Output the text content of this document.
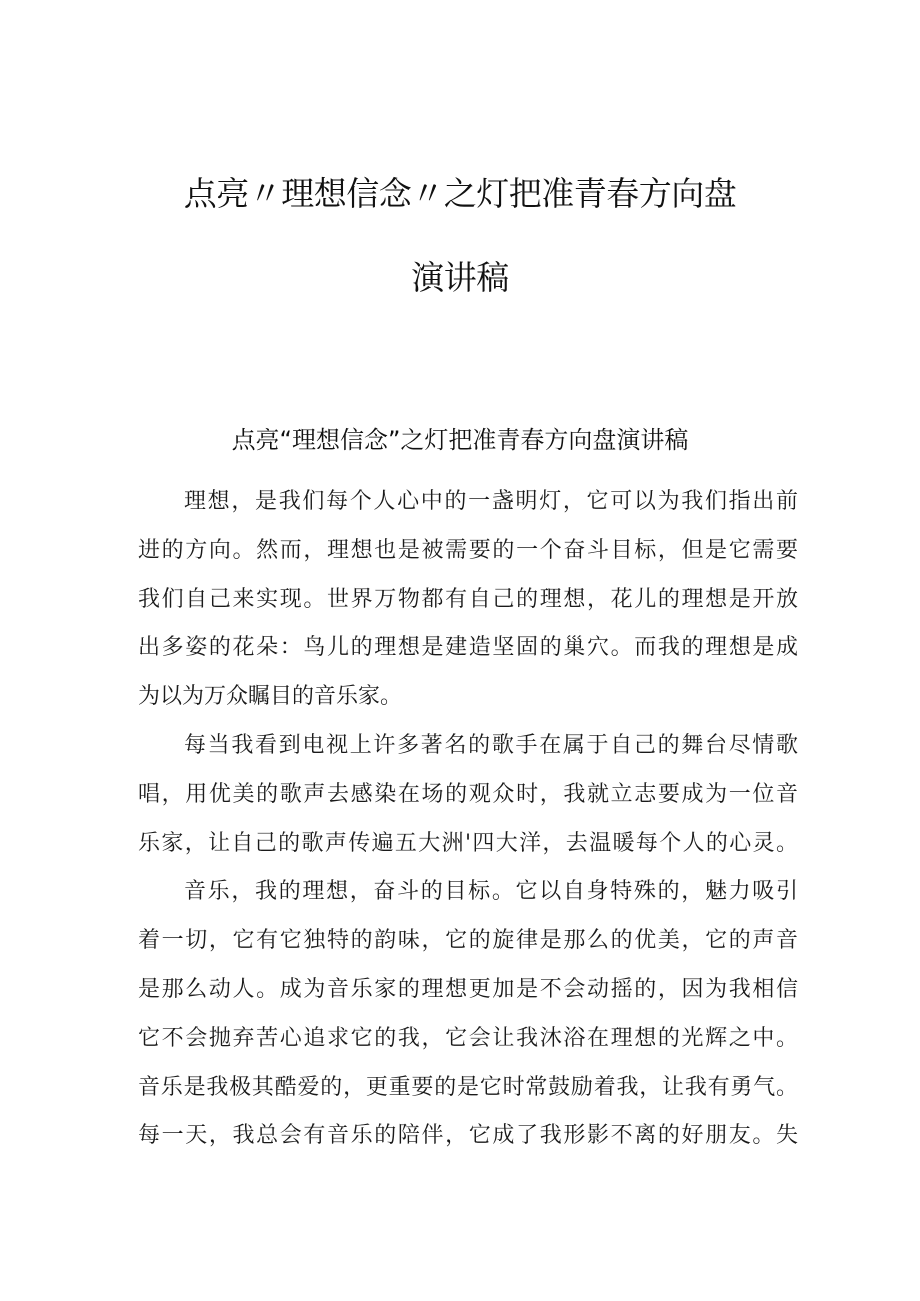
点亮〃理想信念〃之灯把准青春方向盘
演讲稿
点亮“理想信念”之灯把准青春方向盘演讲稿
理想，是我们每个人心中的一盏明灯，它可以为我们指出前
进的方向。然而，理想也是被需要的一个奋斗目标，但是它需要
我们自己来实现。世界万物都有自己的理想，花儿的理想是开放
出多姿的花朵：鸟儿的理想是建造坚固的巢穴。而我的理想是成
为以为万众瞩目的音乐家。
每当我看到电视上许多著名的歌手在属于自己的舞台尽情歌
唱，用优美的歌声去感染在场的观众时，我就立志要成为一位音
乐家，让自己的歌声传遍五大洲'四大洋，去温暖每个人的心灵。
音乐，我的理想，奋斗的目标。它以自身特殊的，魅力吸引
着一切，它有它独特的韵味，它的旋律是那么的优美，它的声音
是那么动人。成为音乐家的理想更加是不会动摇的，因为我相信
它不会抛弃苦心追求它的我，它会让我沐浴在理想的光辉之中。
音乐是我极其酷爱的，更重要的是它时常鼓励着我，让我有勇气。
每一天，我总会有音乐的陪伴，它成了我形影不离的好朋友。失
